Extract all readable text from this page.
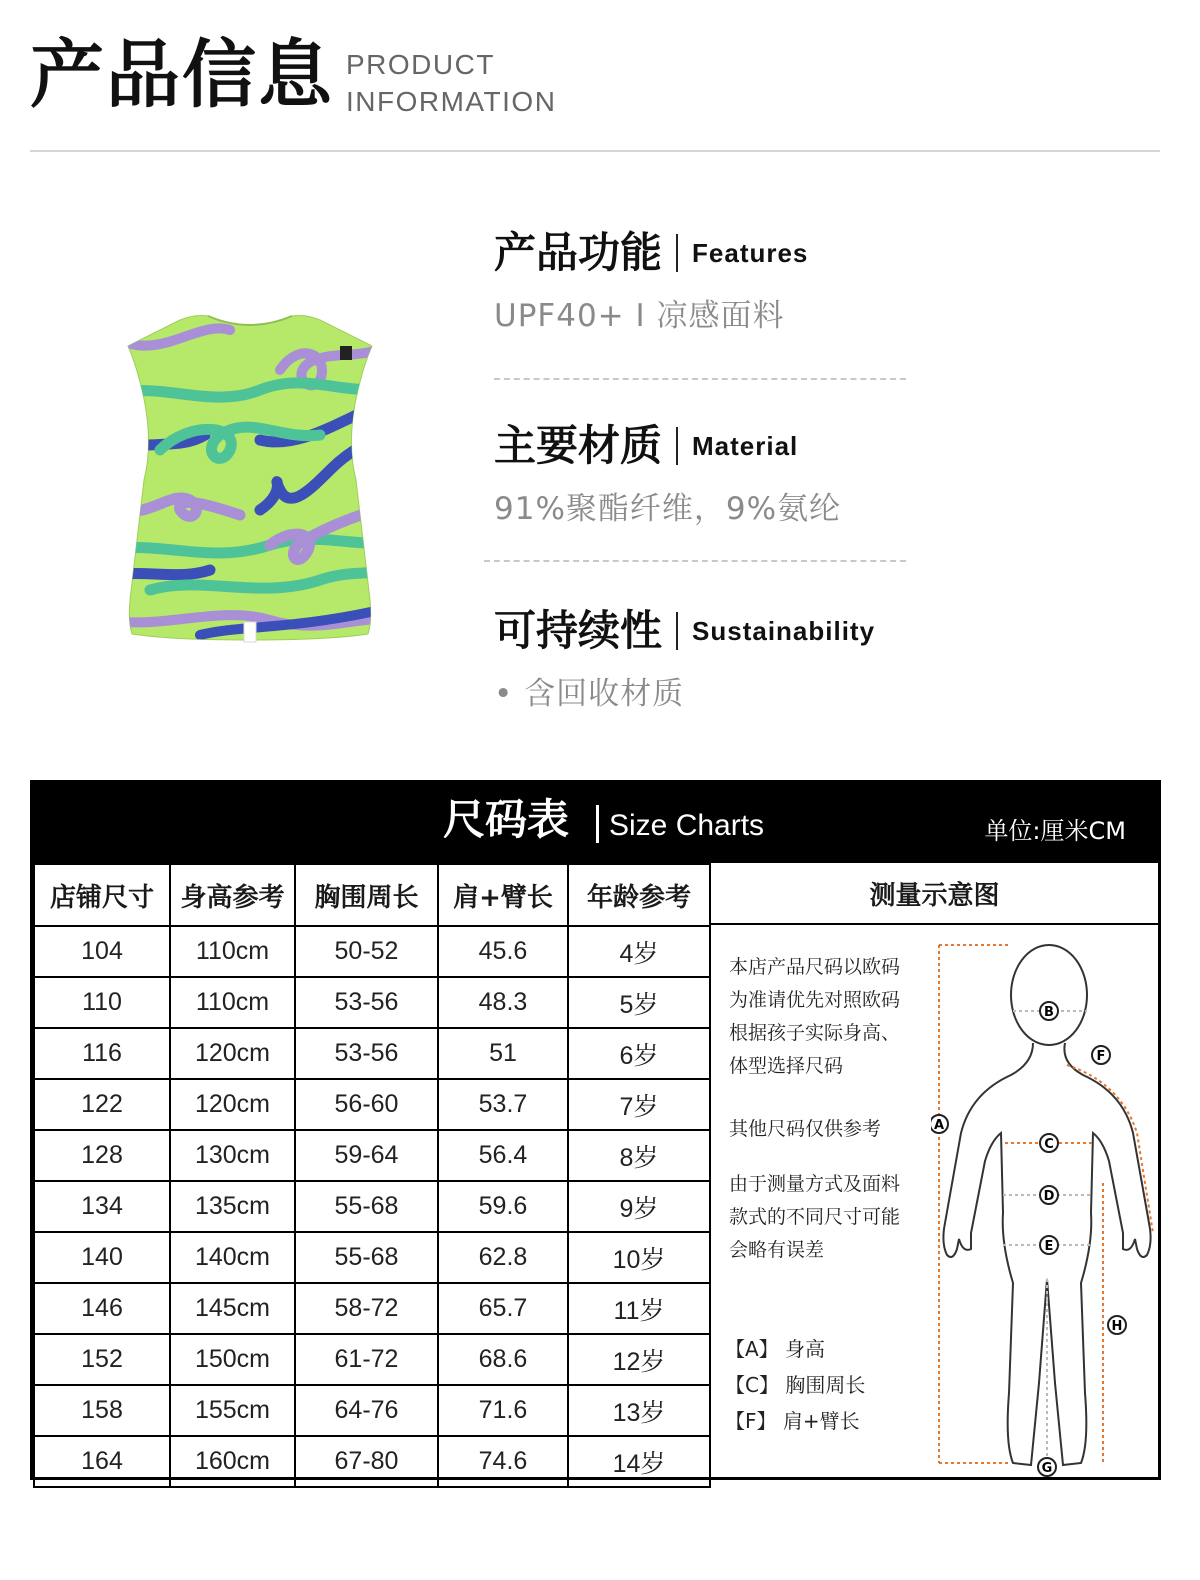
产品信息 PRODUCT
INFORMATION
产品功能 Features
UPF40+ I 凉感面料
主要材质 Material
91%聚酯纤维，9%氨纶
可持续性 Sustainability
• 含回收材质
尺码表 Size Charts	单位:厘米CM
店铺尺寸	身高参考	胸围周长	肩+臂长	年龄参考
104	110cm	50-52	45.6	4岁
110	110cm	53-56	48.3	5岁
116	120cm	53-56	51	6岁
122	120cm	56-60	53.7	7岁
128	130cm	59-64	56.4	8岁
134	135cm	55-68	59.6	9岁
140	140cm	55-68	62.8	10岁
146	145cm	58-72	65.7	11岁
152	150cm	61-72	68.6	12岁
158	155cm	64-76	71.6	13岁
164	160cm	67-80	74.6	14岁
测量示意图
本店产品尺码以欧码
为准请优先对照欧码
根据孩子实际身高、
体型选择尺码
其他尺码仅供参考
由于测量方式及面料
款式的不同尺寸可能
会略有误差
【A】 身高
【C】 胸围周长
【F】 肩+臂长
A
B
C
D
E
F
G
H
